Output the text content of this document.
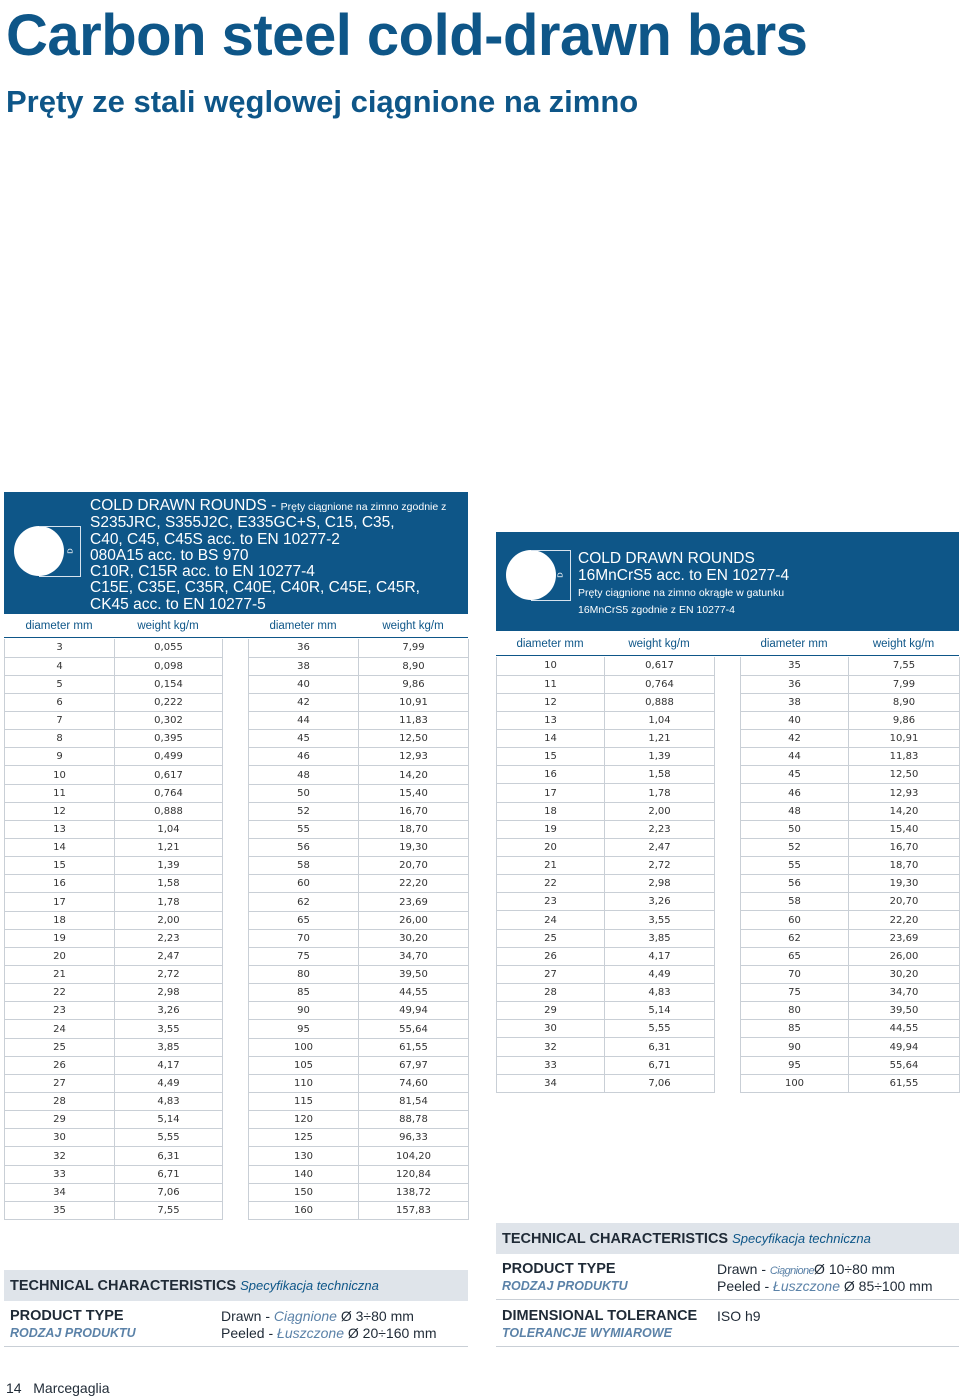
Carbon steel cold-drawn bars
Pręty ze stali węglowej ciągnione na zimno
D
COLD DRAWN ROUNDS - Pręty ciągnione na zimno zgodnie z
S235JRC, S355J2C, E335GC+S, C15, C35,
C40, C45, C45S acc. to EN 10277-2
080A15 acc. to BS 970
C10R, C15R acc. to EN 10277-4
C15E, C35E, C35R, C40E, C40R, C45E, C45R,
CK45 acc. to EN 10277-5
diameter mm	weight kg/m	diameter mm	weight kg/m
3	0,055		36	7,99
4	0,098		38	8,90
5	0,154		40	9,86
6	0,222		42	10,91
7	0,302		44	11,83
8	0,395		45	12,50
9	0,499		46	12,93
10	0,617		48	14,20
11	0,764		50	15,40
12	0,888		52	16,70
13	1,04		55	18,70
14	1,21		56	19,30
15	1,39		58	20,70
16	1,58		60	22,20
17	1,78		62	23,69
18	2,00		65	26,00
19	2,23		70	30,20
20	2,47		75	34,70
21	2,72		80	39,50
22	2,98		85	44,55
23	3,26		90	49,94
24	3,55		95	55,64
25	3,85		100	61,55
26	4,17		105	67,97
27	4,49		110	74,60
28	4,83		115	81,54
29	5,14		120	88,78
30	5,55		125	96,33
32	6,31		130	104,20
33	6,71		140	120,84
34	7,06		150	138,72
35	7,55		160	157,83
D
COLD DRAWN ROUNDS
16MnCrS5 acc. to EN 10277-4
Pręty ciągnione na zimno okrągłe w gatunku
16MnCrS5 zgodnie z EN 10277-4
diameter mm	weight kg/m	diameter mm	weight kg/m
10	0,617		35	7,55
11	0,764		36	7,99
12	0,888		38	8,90
13	1,04		40	9,86
14	1,21		42	10,91
15	1,39		44	11,83
16	1,58		45	12,50
17	1,78		46	12,93
18	2,00		48	14,20
19	2,23		50	15,40
20	2,47		52	16,70
21	2,72		55	18,70
22	2,98		56	19,30
23	3,26		58	20,70
24	3,55		60	22,20
25	3,85		62	23,69
26	4,17		65	26,00
27	4,49		70	30,20
28	4,83		75	34,70
29	5,14		80	39,50
30	5,55		85	44,55
32	6,31		90	49,94
33	6,71		95	55,64
34	7,06		100	61,55
TECHNICAL CHARACTERISTICS Specyfikacja techniczna
PRODUCT TYPE
RODZAJ PRODUKTU
Drawn - CiągnioneØ 10÷80 mm
Peeled - Łuszczone Ø 85÷100 mm
DIMENSIONAL TOLERANCE
TOLERANCJE WYMIAROWE
ISO h9
TECHNICAL CHARACTERISTICS Specyfikacja techniczna
PRODUCT TYPE
RODZAJ PRODUKTU
Drawn - Ciągnione Ø 3÷80 mm
Peeled - Łuszczone Ø 20÷160 mm
14 Marcegaglia
